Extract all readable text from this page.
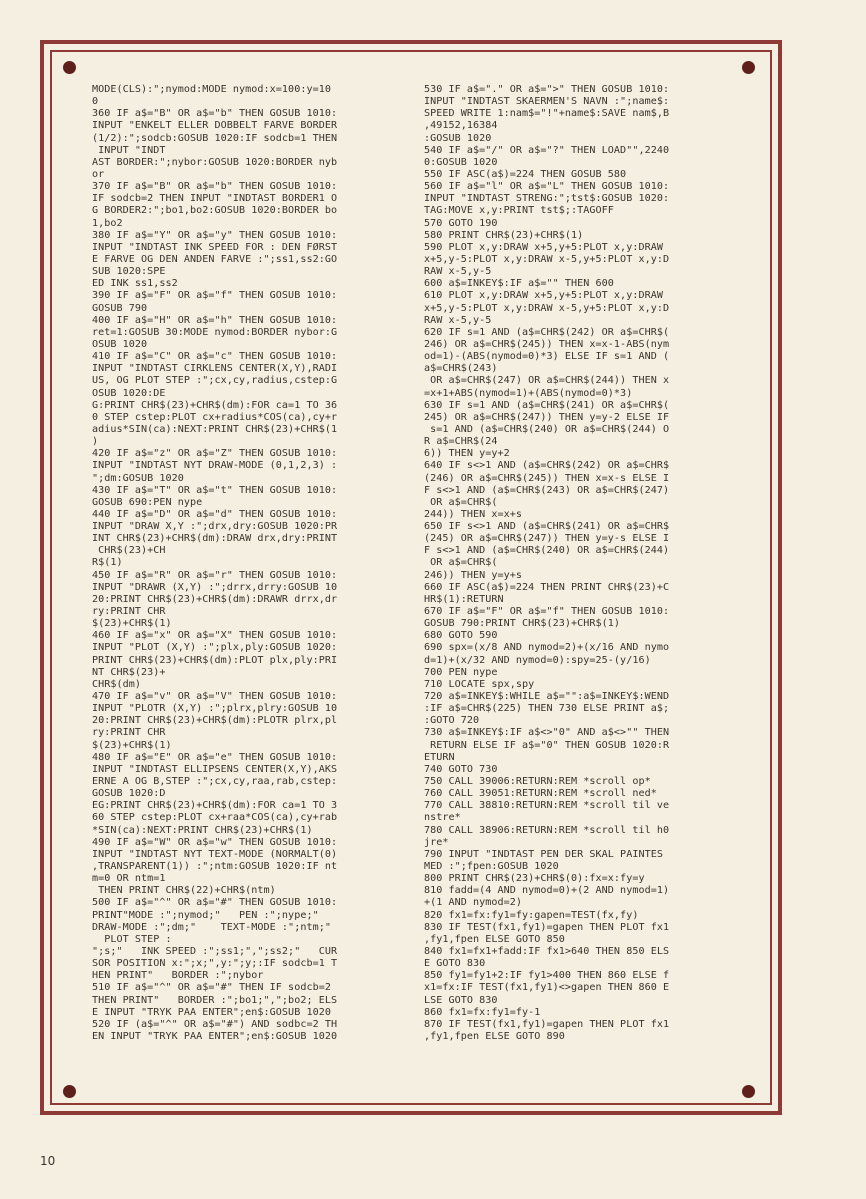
MODE(CLS):";nymod:MODE nymod:x=100:y=10
0
360 IF a$="B" OR a$="b" THEN GOSUB 1010:
INPUT "ENKELT ELLER DOBBELT FARVE BORDER
(1/2):";sodcb:GOSUB 1020:IF sodcb=1 THEN
INPUT "INDT
AST BORDER:";nybor:GOSUB 1020:BORDER nyb
or
370 IF a$="B" OR a$="b" THEN GOSUB 1010:
IF sodcb=2 THEN INPUT "INDTAST BORDER1 O
G BORDER2:";bo1,bo2:GOSUB 1020:BORDER bo
1,bo2
380 IF a$="Y" OR a$="y" THEN GOSUB 1010:
INPUT "INDTAST INK SPEED FOR : DEN FØRST
E FARVE OG DEN ANDEN FARVE :";ss1,ss2:GO
SUB 1020:SPE
ED INK ss1,ss2
390 IF a$="F" OR a$="f" THEN GOSUB 1010:
GOSUB 790
400 IF a$="H" OR a$="h" THEN GOSUB 1010:
ret=1:GOSUB 30:MODE nymod:BORDER nybor:G
OSUB 1020
410 IF a$="C" OR a$="c" THEN GOSUB 1010:
INPUT "INDTAST CIRKLENS CENTER(X,Y),RADI
US, OG PLOT STEP :";cx,cy,radius,cstep:G
OSUB 1020:DE
G:PRINT CHR$(23)+CHR$(dm):FOR ca=1 TO 36
0 STEP cstep:PLOT cx+radius*COS(ca),cy+r
adius*SIN(ca):NEXT:PRINT CHR$(23)+CHR$(1
)
420 IF a$="z" OR a$="Z" THEN GOSUB 1010:
INPUT "INDTAST NYT DRAW-MODE (0,1,2,3) :
";dm:GOSUB 1020
430 IF a$="T" OR a$="t" THEN GOSUB 1010:
GOSUB 690:PEN nype
440 IF a$="D" OR a$="d" THEN GOSUB 1010:
INPUT "DRAW X,Y :";drx,dry:GOSUB 1020:PR
INT CHR$(23)+CHR$(dm):DRAW drx,dry:PRINT
CHR$(23)+CH
R$(1)
450 IF a$="R" OR a$="r" THEN GOSUB 1010:
INPUT "DRAWR (X,Y) :";drrx,drry:GOSUB 10
20:PRINT CHR$(23)+CHR$(dm):DRAWR drrx,dr
ry:PRINT CHR
$(23)+CHR$(1)
460 IF a$="x" OR a$="X" THEN GOSUB 1010:
INPUT "PLOT (X,Y) :";plx,ply:GOSUB 1020:
PRINT CHR$(23)+CHR$(dm):PLOT plx,ply:PRI
NT CHR$(23)+
CHR$(dm)
470 IF a$="v" OR a$="V" THEN GOSUB 1010:
INPUT "PLOTR (X,Y) :";plrx,plry:GOSUB 10
20:PRINT CHR$(23)+CHR$(dm):PLOTR plrx,pl
ry:PRINT CHR
$(23)+CHR$(1)
480 IF a$="E" OR a$="e" THEN GOSUB 1010:
INPUT "INDTAST ELLIPSENS CENTER(X,Y),AKS
ERNE A OG B,STEP :";cx,cy,raa,rab,cstep:
GOSUB 1020:D
EG:PRINT CHR$(23)+CHR$(dm):FOR ca=1 TO 3
60 STEP cstep:PLOT cx+raa*COS(ca),cy+rab
*SIN(ca):NEXT:PRINT CHR$(23)+CHR$(1)
490 IF a$="W" OR a$="w" THEN GOSUB 1010:
INPUT "INDTAST NYT TEXT-MODE (NORMALT(0)
,TRANSPARENT(1)) :";ntm:GOSUB 1020:IF nt
m=0 OR ntm=1
THEN PRINT CHR$(22)+CHR$(ntm)
500 IF a$="^" OR a$="#" THEN GOSUB 1010:
PRINT"MODE :";nymod;"   PEN :";nype;"
DRAW-MODE :";dm;"    TEXT-MODE :";ntm;"
PLOT STEP :
";s;"   INK SPEED :";ss1;",";ss2;"   CUR
SOR POSITION x:";x;",y:";y;:IF sodcb=1 T
HEN PRINT"   BORDER :";nybor
510 IF a$="^" OR a$="#" THEN IF sodcb=2
THEN PRINT"   BORDER :";bo1;",";bo2; ELS
E INPUT "TRYK PAA ENTER";en$:GOSUB 1020
520 IF (a$="^" OR a$="#") AND sodbc=2 TH
EN INPUT "TRYK PAA ENTER";en$:GOSUB 1020
530 IF a$="." OR a$=">" THEN GOSUB 1010:
INPUT "INDTAST SKAERMEN'S NAVN :";name$:
SPEED WRITE 1:nam$="!"+name$:SAVE nam$,B
,49152,16384
:GOSUB 1020
540 IF a$="/" OR a$="?" THEN LOAD"",2240
0:GOSUB 1020
550 IF ASC(a$)=224 THEN GOSUB 580
560 IF a$="l" OR a$="L" THEN GOSUB 1010:
INPUT "INDTAST STRENG:";tst$:GOSUB 1020:
TAG:MOVE x,y:PRINT tst$;:TAGOFF
570 GOTO 190
580 PRINT CHR$(23)+CHR$(1)
590 PLOT x,y:DRAW x+5,y+5:PLOT x,y:DRAW
x+5,y-5:PLOT x,y:DRAW x-5,y+5:PLOT x,y:D
RAW x-5,y-5
600 a$=INKEY$:IF a$="" THEN 600
610 PLOT x,y:DRAW x+5,y+5:PLOT x,y:DRAW
x+5,y-5:PLOT x,y:DRAW x-5,y+5:PLOT x,y:D
RAW x-5,y-5
620 IF s=1 AND (a$=CHR$(242) OR a$=CHR$(
246) OR a$=CHR$(245)) THEN x=x-1-ABS(nym
od=1)-(ABS(nymod=0)*3) ELSE IF s=1 AND (
a$=CHR$(243)
OR a$=CHR$(247) OR a$=CHR$(244)) THEN x
=x+1+ABS(nymod=1)+(ABS(nymod=0)*3)
630 IF s=1 AND (a$=CHR$(241) OR a$=CHR$(
245) OR a$=CHR$(247)) THEN y=y-2 ELSE IF
s=1 AND (a$=CHR$(240) OR a$=CHR$(244) O
R a$=CHR$(24
6)) THEN y=y+2
640 IF s<>1 AND (a$=CHR$(242) OR a$=CHR$
(246) OR a$=CHR$(245)) THEN x=x-s ELSE I
F s<>1 AND (a$=CHR$(243) OR a$=CHR$(247)
OR a$=CHR$(
244)) THEN x=x+s
650 IF s<>1 AND (a$=CHR$(241) OR a$=CHR$
(245) OR a$=CHR$(247)) THEN y=y-s ELSE I
F s<>1 AND (a$=CHR$(240) OR a$=CHR$(244)
OR a$=CHR$(
246)) THEN y=y+s
660 IF ASC(a$)=224 THEN PRINT CHR$(23)+C
HR$(1):RETURN
670 IF a$="F" OR a$="f" THEN GOSUB 1010:
GOSUB 790:PRINT CHR$(23)+CHR$(1)
680 GOTO 590
690 spx=(x/8 AND nymod=2)+(x/16 AND nymo
d=1)+(x/32 AND nymod=0):spy=25-(y/16)
700 PEN nype
710 LOCATE spx,spy
720 a$=INKEY$:WHILE a$="":a$=INKEY$:WEND
:IF a$=CHR$(225) THEN 730 ELSE PRINT a$;
:GOTO 720
730 a$=INKEY$:IF a$<>"0" AND a$<>"" THEN
RETURN ELSE IF a$="0" THEN GOSUB 1020:R
ETURN
740 GOTO 730
750 CALL 39006:RETURN:REM *scroll op*
760 CALL 39051:RETURN:REM *scroll ned*
770 CALL 38810:RETURN:REM *scroll til ve
nstre*
780 CALL 38906:RETURN:REM *scroll til h0
jre*
790 INPUT "INDTAST PEN DER SKAL PAINTES
MED :";fpen:GOSUB 1020
800 PRINT CHR$(23)+CHR$(0):fx=x:fy=y
810 fadd=(4 AND nymod=0)+(2 AND nymod=1)
+(1 AND nymod=2)
820 fx1=fx:fy1=fy:gapen=TEST(fx,fy)
830 IF TEST(fx1,fy1)=gapen THEN PLOT fx1
,fy1,fpen ELSE GOTO 850
840 fx1=fx1+fadd:IF fx1>640 THEN 850 ELS
E GOTO 830
850 fy1=fy1+2:IF fy1>400 THEN 860 ELSE f
x1=fx:IF TEST(fx1,fy1)<>gapen THEN 860 E
LSE GOTO 830
860 fx1=fx:fy1=fy-1
870 IF TEST(fx1,fy1)=gapen THEN PLOT fx1
,fy1,fpen ELSE GOTO 890
10
